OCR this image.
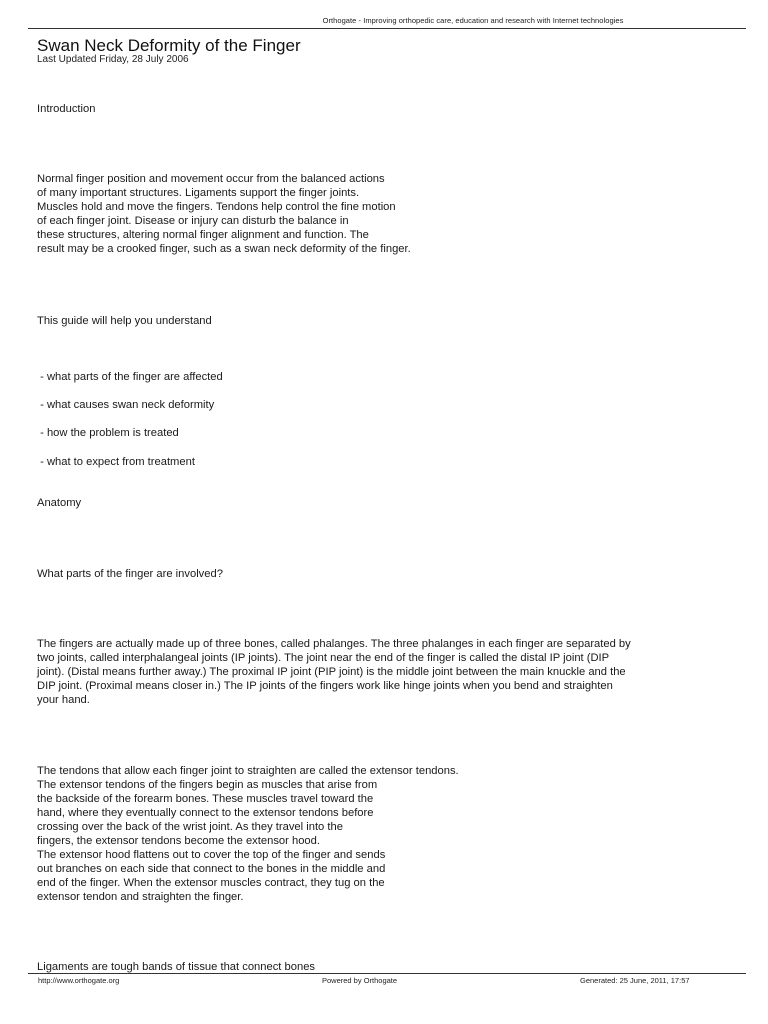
Orthogate - Improving orthopedic care, education and research with Internet technologies
Swan Neck Deformity of the Finger
Last Updated Friday, 28 July 2006

Introduction

Normal finger position and movement occur from the balanced actions
of many important structures. Ligaments support the finger joints.
Muscles hold and move the fingers. Tendons help control the fine motion
of each finger joint. Disease or injury can disturb the balance in
these structures, altering normal finger alignment and function. The
result may be a crooked finger, such as a swan neck deformity of the finger.

This guide will help you understand

- what parts of the finger are affected

- what causes swan neck deformity

- how the problem is treated

- what to expect from treatment

Anatomy

What parts of the finger are involved?

The fingers are actually made up of three bones, called phalanges. The three phalanges in each finger are separated by
two joints, called interphalangeal joints (IP joints). The joint near the end of the finger is called the distal IP joint (DIP
joint). (Distal means further away.) The proximal IP joint (PIP joint) is the middle joint between the main knuckle and the
DIP joint. (Proximal means closer in.) The IP joints of the fingers work like hinge joints when you bend and straighten
your hand.
The tendons that allow each finger joint to straighten are called the extensor tendons.
The extensor tendons of the fingers begin as muscles that arise from
the backside of the forearm bones. These muscles travel toward the
hand, where they eventually connect to the extensor tendons before
crossing over the back of the wrist joint. As they travel into the
fingers, the extensor tendons become the extensor hood.
The extensor hood flattens out to cover the top of the finger and sends
out branches on each side that connect to the bones in the middle and
end of the finger. When the extensor muscles contract, they tug on the
extensor tendon and straighten the finger.

Ligaments are tough bands of tissue that connect bones

http://www.orthogate.org	Powered by Orthogate	Generated: 25 June, 2011, 17:57
